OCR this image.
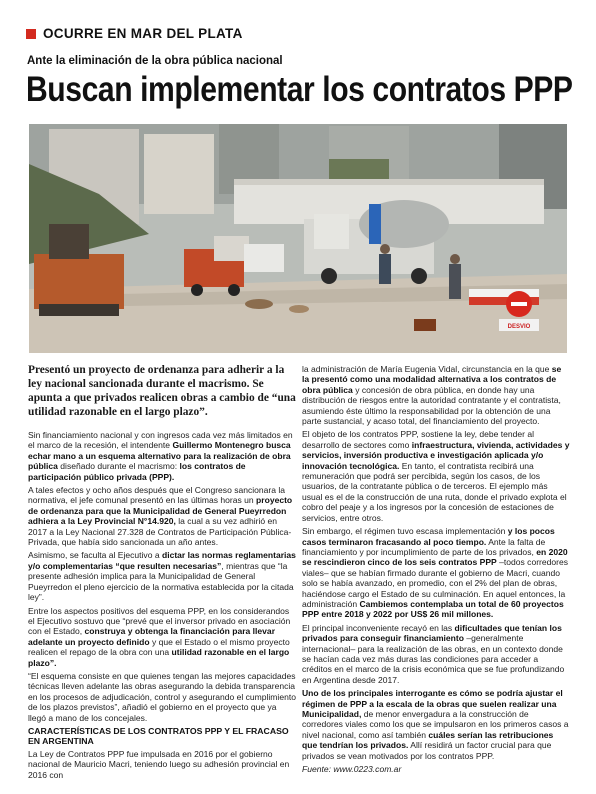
OCURRE EN MAR DEL PLATA
Ante la eliminación de la obra pública nacional
Buscan implementar los contratos PPP
DESVIO
Presentó un proyecto de ordenanza para adherir a la ley nacional sancionada durante el macrismo. Se apunta a que privados realicen obras a cambio de “una utilidad razonable en el largo plazo”.

Sin financiamiento nacional y con ingresos cada vez más limitados en el marco de la recesión, el intendente Guillermo Montenegro busca echar mano a un esquema alternativo para la realización de obra pública diseñado durante el macrismo: los contratos de participación público privada (PPP).

A tales efectos y ocho años después que el Congreso sancionara la normativa, el jefe comunal presentó en las últimas horas un proyecto de ordenanza para que la Municipalidad de General Pueyrredon adhiera a la Ley Provincial N°14.920, la cual a su vez adhirió en 2017 a la Ley Nacional 27.328 de Contratos de Participación Pública-Privada, que había sido sancionada un año antes.

Asimismo, se faculta al Ejecutivo a dictar las normas reglamentarias y/o complementarias “que resulten necesarias”, mientras que “la presente adhesión implica para la Municipalidad de General Pueyrredon el pleno ejercicio de la normativa establecida por la citada ley”.

Entre los aspectos positivos del esquema PPP, en los considerandos el Ejecutivo sostuvo que “prevé que el inversor privado en asociación con el Estado, construya y obtenga la financiación para llevar adelante un proyecto definido y que el Estado o el mismo proyecto realicen el repago de la obra con una utilidad razonable en el largo plazo”.

“El esquema consiste en que quienes tengan las mejores capacidades técnicas lleven adelante las obras asegurando la debida transparencia en los procesos de adjudicación, control y asegurando el cumplimiento de los plazos previstos”, añadió el gobierno en el proyecto que ya llegó a mano de los concejales.

CARACTERÍSTICAS DE LOS CONTRATOS PPP Y EL FRACASO EN ARGENTINA

La Ley de Contratos PPP fue impulsada en 2016 por el gobierno nacional de Mauricio Macri, teniendo luego su adhesión provincial en 2016 con

la administración de María Eugenia Vidal, circunstancia en la que se la presentó como una modalidad alternativa a los contratos de obra pública y concesión de obra pública, en donde hay una distribución de riesgos entre la autoridad contratante y el contratista, asumiendo éste último la responsabilidad por la obtención de una parte sustancial, y acaso total, del financiamiento del proyecto.

El objeto de los contratos PPP, sostiene la ley, debe tender al desarrollo de sectores como infraestructura, vivienda, actividades y servicios, inversión productiva e investigación aplicada y/o innovación tecnológica. En tanto, el contratista recibirá una remuneración que podrá ser percibida, según los casos, de los usuarios, de la contratante pública o de terceros. El ejemplo más usual es el de la construcción de una ruta, donde el privado explota el cobro del peaje y a los ingresos por la concesión de estaciones de servicios, entre otros.

Sin embargo, el régimen tuvo escasa implementación y los pocos casos terminaron fracasando al poco tiempo. Ante la falta de financiamiento y por incumplimiento de parte de los privados, en 2020 se rescindieron cinco de los seis contratos PPP –todos corredores viales– que se habían firmado durante el gobierno de Macri, cuando solo se había avanzado, en promedio, con el 2% del plan de obras, haciéndose cargo el Estado de su culminación. En aquel entonces, la administración Cambiemos contemplaba un total de 60 proyectos PPP entre 2018 y 2022 por US$ 26 mil millones.

El principal inconveniente recayó en las dificultades que tenían los privados para conseguir financiamiento –generalmente internacional– para la realización de las obras, en un contexto donde se hacían cada vez más duras las condiciones para acceder a créditos en el marco de la crisis económica que se fue profundizando en Argentina desde 2017.

Uno de los principales interrogante es cómo se podría ajustar el régimen de PPP a la escala de la obras que suelen realizar una Municipalidad, de menor envergadura a la construcción de corredores viales como los que se impulsaron en los primeros casos a nivel nacional, como así también cuáles serían las retribuciones que tendrían los privados. Allí residirá un factor crucial para que privados se vean motivados por los contratos PPP.

Fuente: www.0223.com.ar
